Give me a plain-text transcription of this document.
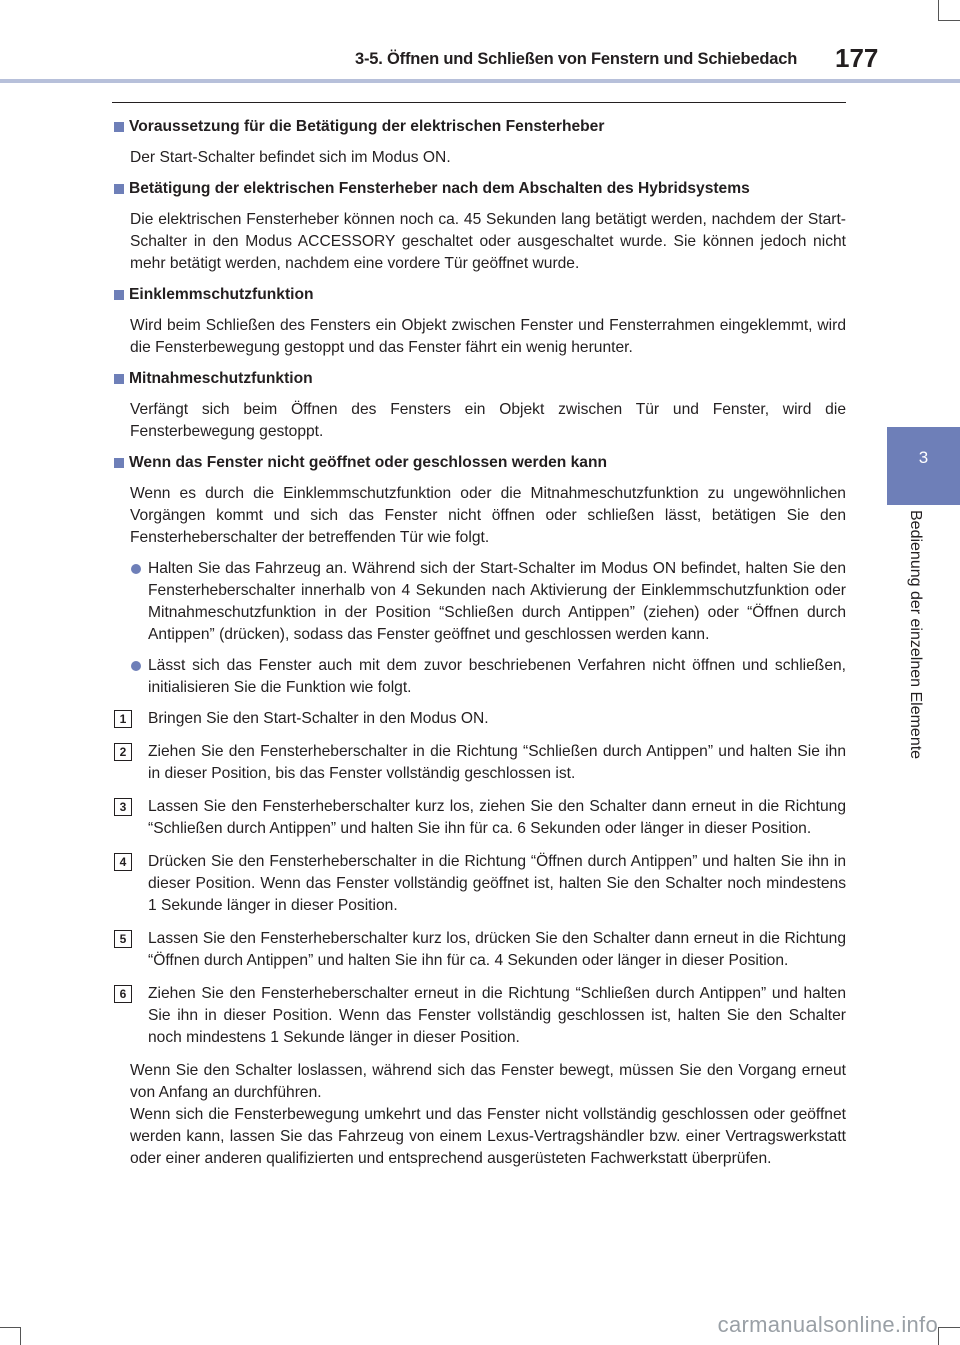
3-5. Öffnen und Schließen von Fenstern und Schiebedach 177
3
Bedienung der einzelnen Elemente
Voraussetzung für die Betätigung der elektrischen Fensterheber
Der Start-Schalter befindet sich im Modus ON.
Betätigung der elektrischen Fensterheber nach dem Abschalten des Hybridsystems
Die elektrischen Fensterheber können noch ca. 45 Sekunden lang betätigt werden, nachdem der Start-Schalter in den Modus ACCESSORY geschaltet oder ausgeschaltet wurde. Sie können jedoch nicht mehr betätigt werden, nachdem eine vordere Tür geöffnet wurde.
Einklemmschutzfunktion
Wird beim Schließen des Fensters ein Objekt zwischen Fenster und Fensterrahmen eingeklemmt, wird die Fensterbewegung gestoppt und das Fenster fährt ein wenig herunter.
Mitnahmeschutzfunktion
Verfängt sich beim Öffnen des Fensters ein Objekt zwischen Tür und Fenster, wird die Fensterbewegung gestoppt.
Wenn das Fenster nicht geöffnet oder geschlossen werden kann
Wenn es durch die Einklemmschutzfunktion oder die Mitnahmeschutzfunktion zu ungewöhnlichen Vorgängen kommt und sich das Fenster nicht öffnen oder schließen lässt, betätigen Sie den Fensterheberschalter der betreffenden Tür wie folgt.
Halten Sie das Fahrzeug an. Während sich der Start-Schalter im Modus ON befindet, halten Sie den Fensterheberschalter innerhalb von 4 Sekunden nach Aktivierung der Einklemmschutzfunktion oder Mitnahmeschutzfunktion in der Position “Schließen durch Antippen” (ziehen) oder “Öffnen durch Antippen” (drücken), sodass das Fenster geöffnet und geschlossen werden kann.
Lässt sich das Fenster auch mit dem zuvor beschriebenen Verfahren nicht öffnen und schließen, initialisieren Sie die Funktion wie folgt.
1	Bringen Sie den Start-Schalter in den Modus ON.
2	Ziehen Sie den Fensterheberschalter in die Richtung “Schließen durch Antippen” und halten Sie ihn in dieser Position, bis das Fenster vollständig geschlossen ist.
3	Lassen Sie den Fensterheberschalter kurz los, ziehen Sie den Schalter dann erneut in die Richtung “Schließen durch Antippen” und halten Sie ihn für ca. 6 Sekunden oder länger in dieser Position.
4	Drücken Sie den Fensterheberschalter in die Richtung “Öffnen durch Antippen” und halten Sie ihn in dieser Position. Wenn das Fenster vollständig geöffnet ist, halten Sie den Schalter noch mindestens 1 Sekunde länger in dieser Position.
5	Lassen Sie den Fensterheberschalter kurz los, drücken Sie den Schalter dann erneut in die Richtung “Öffnen durch Antippen” und halten Sie ihn für ca. 4 Sekunden oder länger in dieser Position.
6	Ziehen Sie den Fensterheberschalter erneut in die Richtung “Schließen durch Antippen” und halten Sie ihn in dieser Position. Wenn das Fenster vollständig geschlossen ist, halten Sie den Schalter noch mindestens 1 Sekunde länger in dieser Position.
Wenn Sie den Schalter loslassen, während sich das Fenster bewegt, müssen Sie den Vorgang erneut von Anfang an durchführen.
Wenn sich die Fensterbewegung umkehrt und das Fenster nicht vollständig geschlossen oder geöffnet werden kann, lassen Sie das Fahrzeug von einem Lexus-Vertragshändler bzw. einer Vertragswerkstatt oder einer anderen qualifizierten und entsprechend ausgerüsteten Fachwerkstatt überprüfen.
carmanualsonline.info
